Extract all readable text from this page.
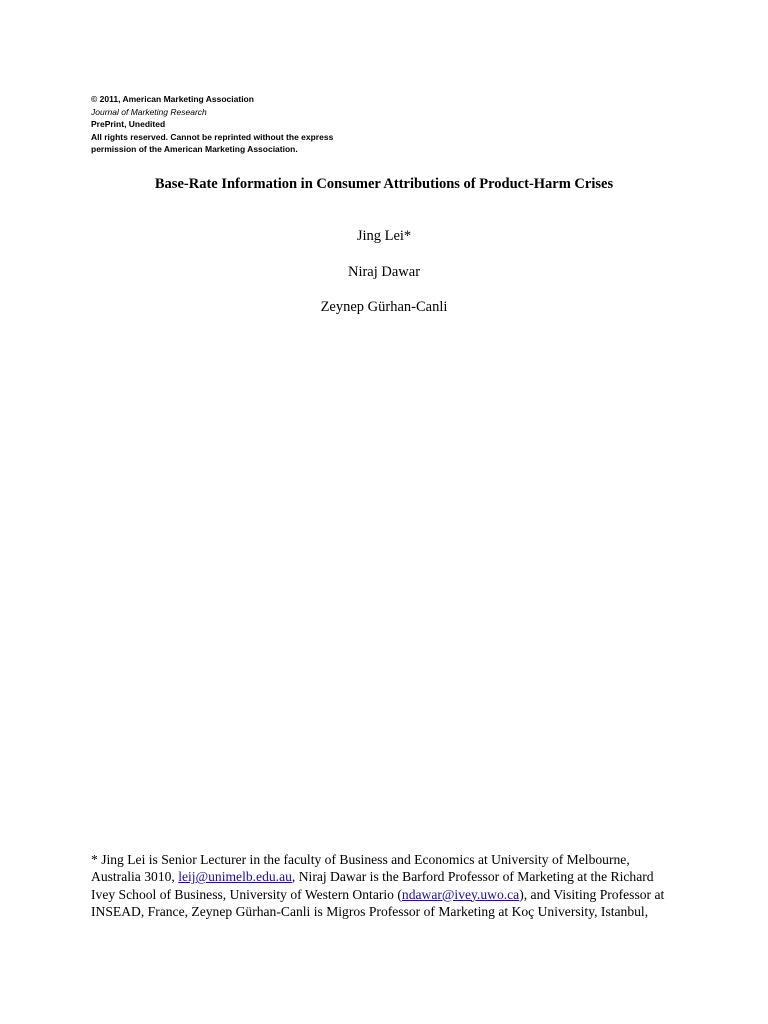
© 2011, American Marketing Association
Journal of Marketing Research
PrePrint, Unedited
All rights reserved. Cannot be reprinted without the express
permission of the American Marketing Association.
Base-Rate Information in Consumer Attributions of Product-Harm Crises
Jing Lei*
Niraj Dawar
Zeynep Gürhan-Canli
* Jing Lei is Senior Lecturer in the faculty of Business and Economics at University of Melbourne,
Australia 3010, leij@unimelb.edu.au, Niraj Dawar is the Barford Professor of Marketing at the Richard
Ivey School of Business, University of Western Ontario (ndawar@ivey.uwo.ca), and Visiting Professor at
INSEAD, France, Zeynep Gürhan-Canli is Migros Professor of Marketing at Koç University, Istanbul,
